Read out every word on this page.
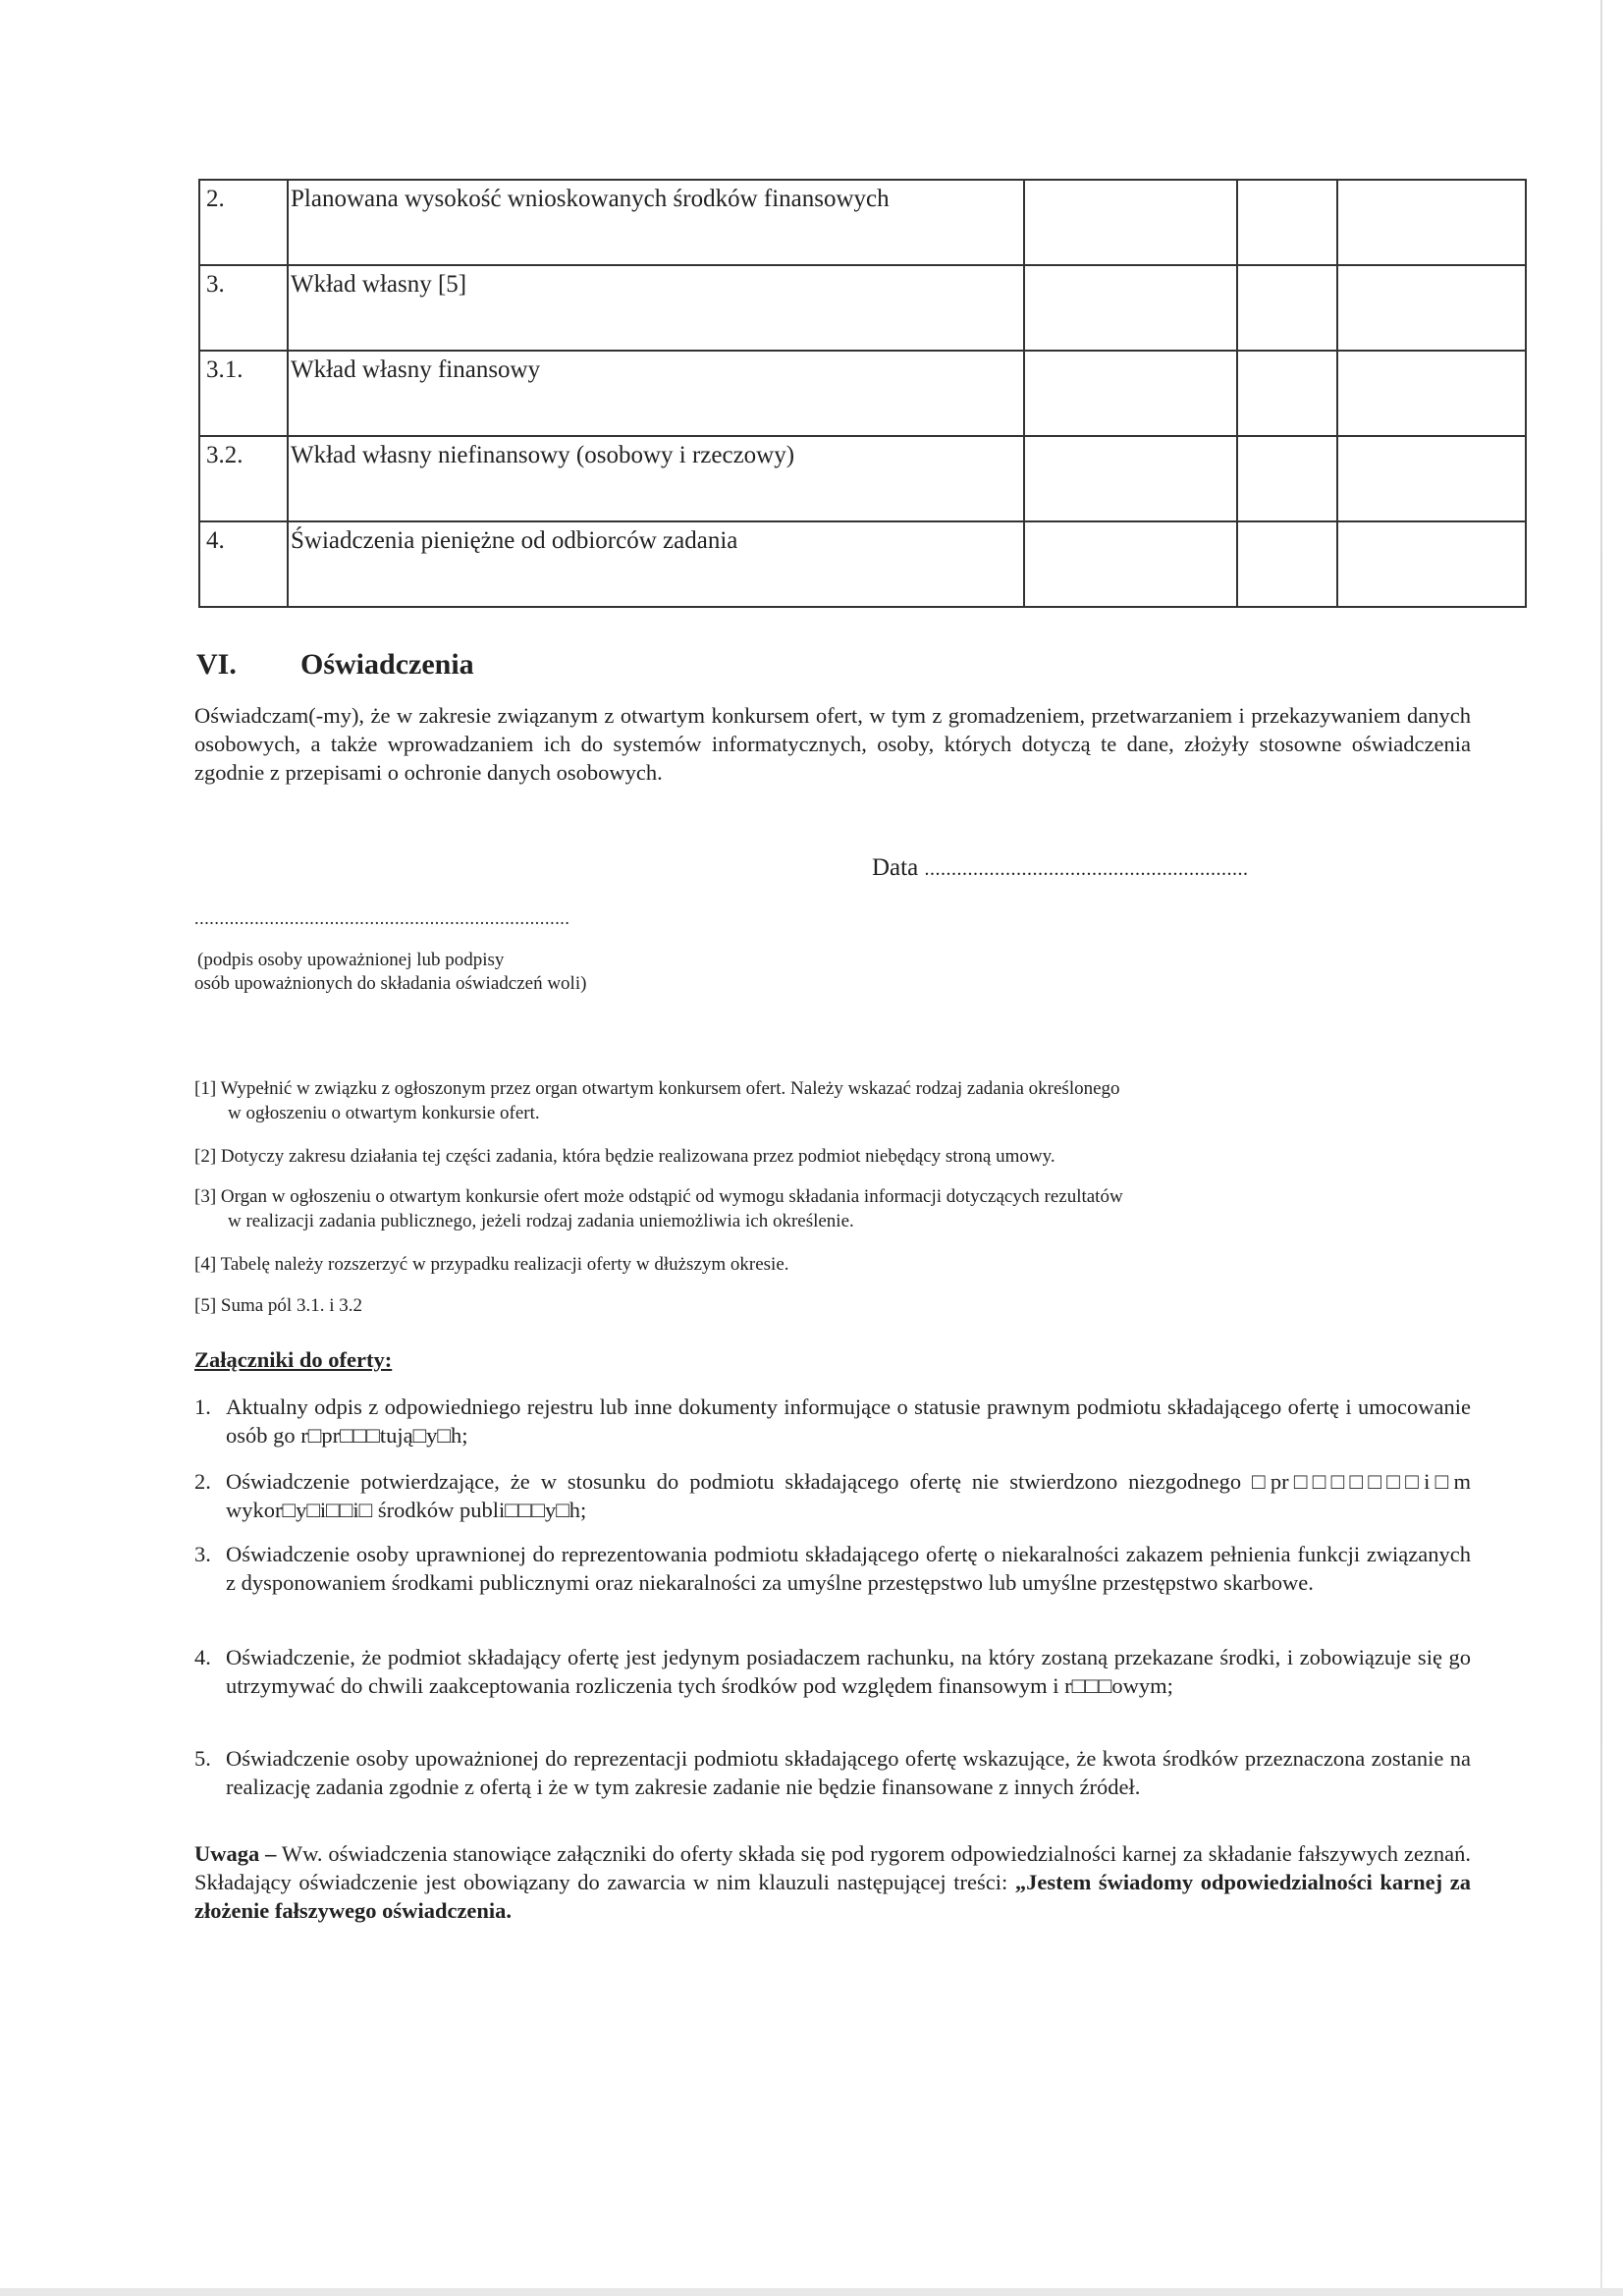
2.	Planowana wysokość wnioskowanych środków finansowych			
3.	Wkład własny [5]			
3.1.	Wkład własny finansowy			
3.2.	Wkład własny niefinansowy (osobowy i rzeczowy)			
4.	Świadczenia pieniężne od odbiorców zadania			
VI. Oświadczenia
Oświadczam(-my), że w zakresie związanym z otwartym konkursem ofert, w tym z gromadzeniem, przetwarzaniem i przekazywaniem danych osobowych, a także wprowadzaniem ich do systemów informatycznych, osoby, których dotyczą te dane, złożyły stosowne oświadczenia zgodnie z przepisami o ochronie danych osobowych.
Data ............................................................
...........................................................................
(podpis osoby upoważnionej lub podpisy
osób upoważnionych do składania oświadczeń woli)
[1] Wypełnić w związku z ogłoszonym przez organ otwartym konkursem ofert. Należy wskazać rodzaj zadania określonego
w ogłoszeniu o otwartym konkursie ofert.
[2] Dotyczy zakresu działania tej części zadania, która będzie realizowana przez podmiot niebędący stroną umowy.
[3] Organ w ogłoszeniu o otwartym konkursie ofert może odstąpić od wymogu składania informacji dotyczących rezultatów
w realizacji zadania publicznego, jeżeli rodzaj zadania uniemożliwia ich określenie.
[4] Tabelę należy rozszerzyć w przypadku realizacji oferty w dłuższym okresie.
[5] Suma pól 3.1. i 3.2
Załączniki do oferty:
1. Aktualny odpis z odpowiedniego rejestru lub inne dokumenty informujące o statusie prawnym podmiotu składającego ofertę i umocowanie osób go r□pr□□□tują□y□h;
2. Oświadczenie potwierdzające, że w stosunku do podmiotu składającego ofertę nie stwierdzono niezgodnego □pr□□□□□□□i□m wykor□y□i□□i□ środków publi□□□y□h;
3. Oświadczenie osoby uprawnionej do reprezentowania podmiotu składającego ofertę o niekaralności zakazem pełnienia funkcji związanych z dysponowaniem środkami publicznymi oraz niekaralności za umyślne przestępstwo lub umyślne przestępstwo skarbowe.
4. Oświadczenie, że podmiot składający ofertę jest jedynym posiadaczem rachunku, na który zostaną przekazane środki, i zobowiązuje się go utrzymywać do chwili zaakceptowania rozliczenia tych środków pod względem finansowym i r□□□owym;
5. Oświadczenie osoby upoważnionej do reprezentacji podmiotu składającego ofertę wskazujące, że kwota środków przeznaczona zostanie na realizację zadania zgodnie z ofertą i że w tym zakresie zadanie nie będzie finansowane z innych źródeł.
Uwaga – Ww. oświadczenia stanowiące załączniki do oferty składa się pod rygorem odpowiedzialności karnej za składanie fałszywych zeznań. Składający oświadczenie jest obowiązany do zawarcia w nim klauzuli następującej treści: „Jestem świadomy odpowiedzialności karnej za złożenie fałszywego oświadczenia.
